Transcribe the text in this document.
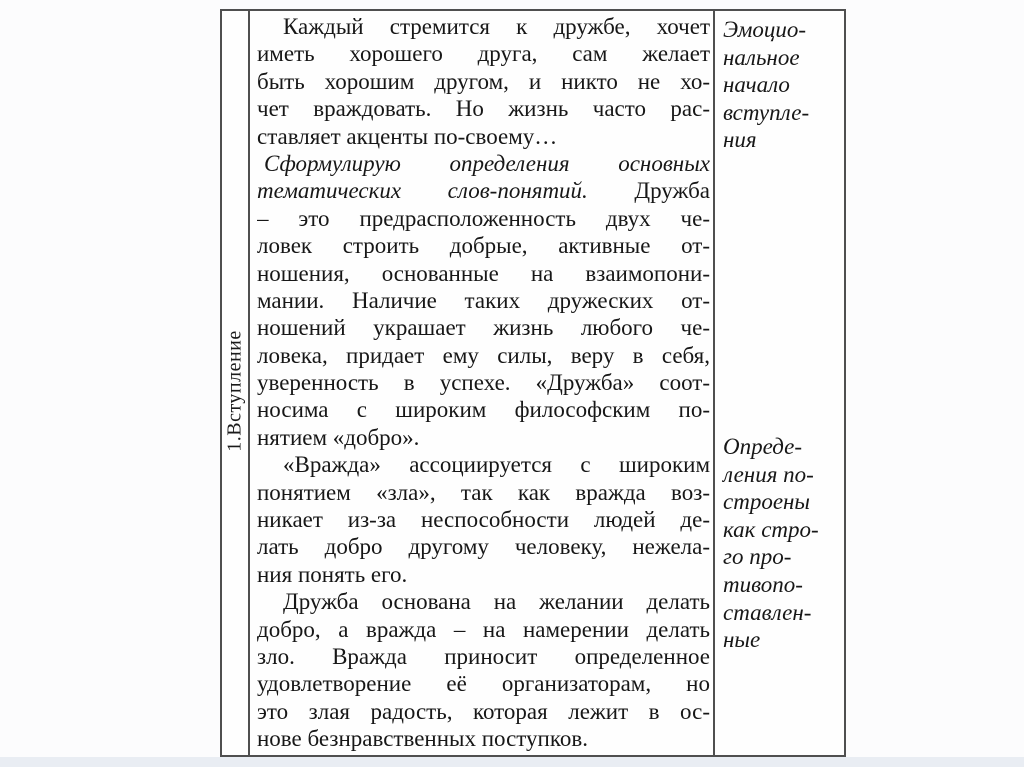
1.Вступление
Каждый стремится к дружбе, хочет
иметь хорошего друга, сам желает
быть хорошим другом, и никто не хо-
чет враждовать. Но жизнь часто рас-
ставляет акценты по-своему…
Сформулирую определения основных
тематических слов-понятий. Дружба
– это предрасположенность двух че-
ловек строить добрые, активные от-
ношения, основанные на взаимопони-
мании. Наличие таких дружеских от-
ношений украшает жизнь любого че-
ловека, придает ему силы, веру в себя,
уверенность в успехе. «Дружба» соот-
носима с широким философским по-
нятием «добро».
«Вражда» ассоциируется с широким
понятием «зла», так как вражда воз-
никает из-за неспособности людей де-
лать добро другому человеку, нежела-
ния понять его.
Дружба основана на желании делать
добро, а вражда – на намерении делать
зло. Вражда приносит определенное
удовлетворение её организаторам, но
это злая радость, которая лежит в ос-
нове безнравственных поступков.
Эмоцио-
нальное
начало
вступле-
ния
Опреде-
ления по-
строены
как стро-
го про-
тивопо-
ставлен-
ные
